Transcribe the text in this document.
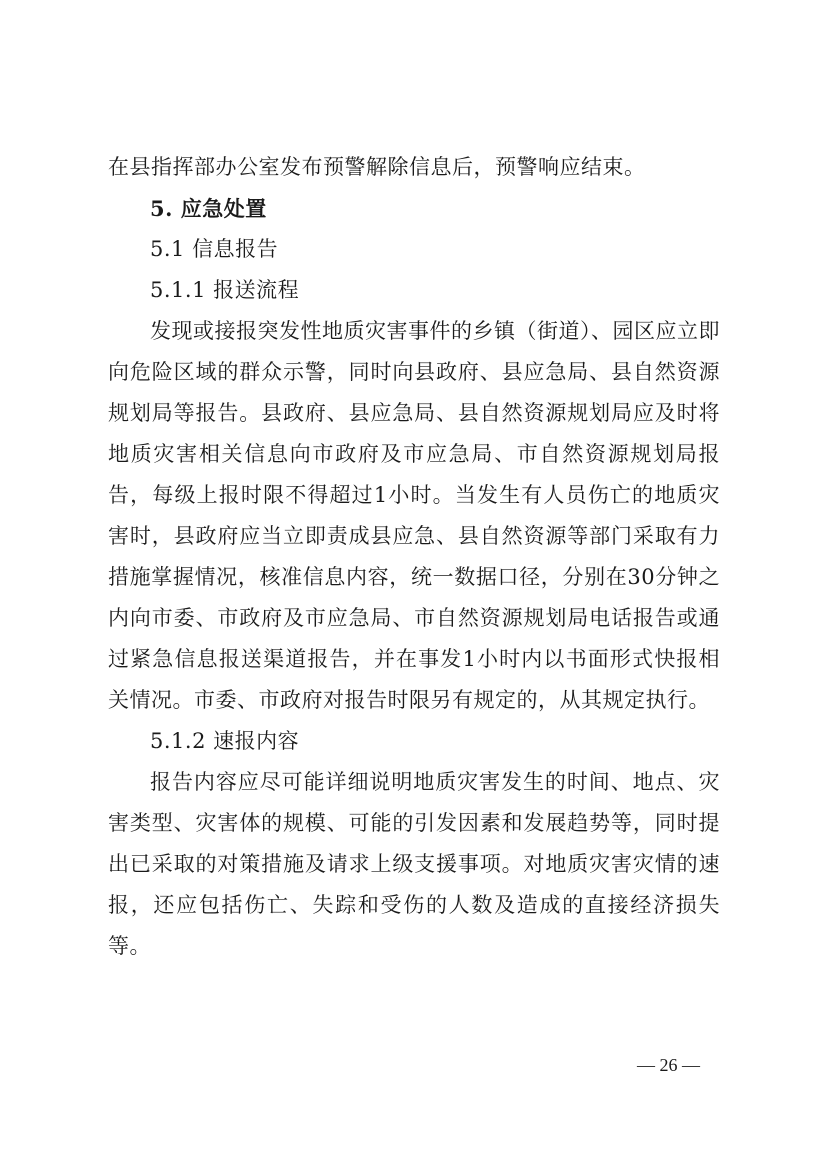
在县指挥部办公室发布预警解除信息后，预警响应结束。

5. 应急处置

5.1 信息报告

5.1.1 报送流程

发现或接报突发性地质灾害事件的乡镇（街道）、园区应立即向危险区域的群众示警，同时向县政府、县应急局、县自然资源规划局等报告。县政府、县应急局、县自然资源规划局应及时将地质灾害相关信息向市政府及市应急局、市自然资源规划局报告，每级上报时限不得超过1小时。当发生有人员伤亡的地质灾害时，县政府应当立即责成县应急、县自然资源等部门采取有力措施掌握情况，核准信息内容，统一数据口径，分别在30分钟之内向市委、市政府及市应急局、市自然资源规划局电话报告或通过紧急信息报送渠道报告，并在事发1小时内以书面形式快报相关情况。市委、市政府对报告时限另有规定的，从其规定执行。

5.1.2 速报内容

报告内容应尽可能详细说明地质灾害发生的时间、地点、灾害类型、灾害体的规模、可能的引发因素和发展趋势等，同时提出已采取的对策措施及请求上级支援事项。对地质灾害灾情的速报，还应包括伤亡、失踪和受伤的人数及造成的直接经济损失等。

— 26 —
